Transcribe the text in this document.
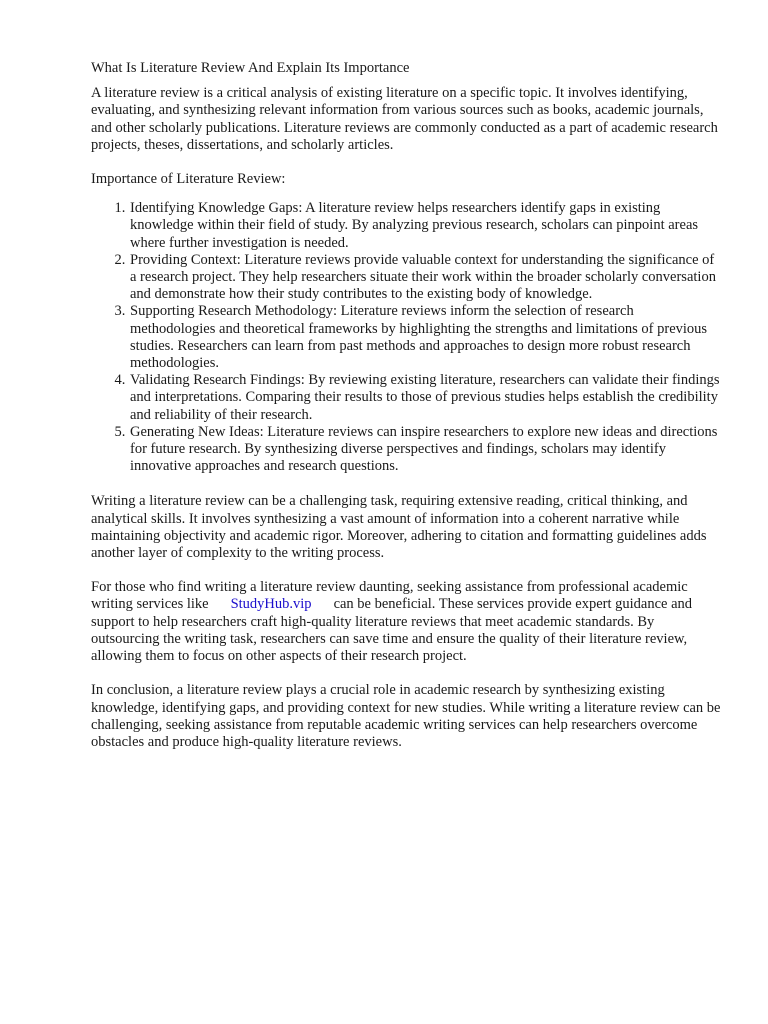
What Is Literature Review And Explain Its Importance

A literature review is a critical analysis of existing literature on a specific topic. It involves identifying, evaluating, and synthesizing relevant information from various sources such as books, academic journals, and other scholarly publications. Literature reviews are commonly conducted as a part of academic research projects, theses, dissertations, and scholarly articles.

Importance of Literature Review:

1. Identifying Knowledge Gaps: A literature review helps researchers identify gaps in existing knowledge within their field of study. By analyzing previous research, scholars can pinpoint areas where further investigation is needed.
2. Providing Context: Literature reviews provide valuable context for understanding the significance of a research project. They help researchers situate their work within the broader scholarly conversation and demonstrate how their study contributes to the existing body of knowledge.
3. Supporting Research Methodology: Literature reviews inform the selection of research methodologies and theoretical frameworks by highlighting the strengths and limitations of previous studies. Researchers can learn from past methods and approaches to design more robust research methodologies.
4. Validating Research Findings: By reviewing existing literature, researchers can validate their findings and interpretations. Comparing their results to those of previous studies helps establish the credibility and reliability of their research.
5. Generating New Ideas: Literature reviews can inspire researchers to explore new ideas and directions for future research. By synthesizing diverse perspectives and findings, scholars may identify innovative approaches and research questions.

Writing a literature review can be a challenging task, requiring extensive reading, critical thinking, and analytical skills. It involves synthesizing a vast amount of information into a coherent narrative while maintaining objectivity and academic rigor. Moreover, adhering to citation and formatting guidelines adds another layer of complexity to the writing process.

For those who find writing a literature review daunting, seeking assistance from professional academic writing services like StudyHub.vip can be beneficial. These services provide expert guidance and support to help researchers craft high-quality literature reviews that meet academic standards. By outsourcing the writing task, researchers can save time and ensure the quality of their literature review, allowing them to focus on other aspects of their research project.

In conclusion, a literature review plays a crucial role in academic research by synthesizing existing knowledge, identifying gaps, and providing context for new studies. While writing a literature review can be challenging, seeking assistance from reputable academic writing services can help researchers overcome obstacles and produce high-quality literature reviews.
